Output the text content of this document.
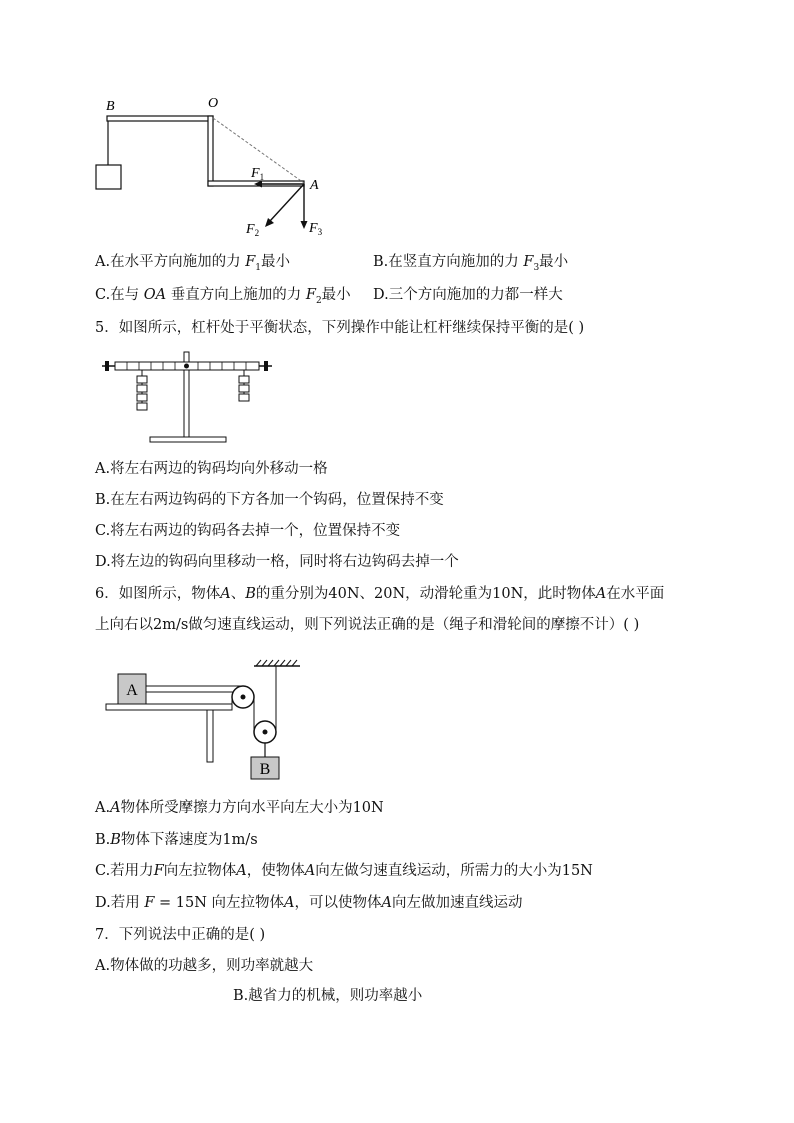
B	O
A
$F_1$
$F_2$	$F_3$
A.在水平方向施加的力 $F_1$最小	B.在竖直方向施加的力 $F_3$最小
C.在与 OA 垂直方向上施加的力 $F_2$最小 D.三个方向施加的力都一样大
5．如图所示，杠杆处于平衡状态，下列操作中能让杠杆继续保持平衡的是( )
A.将左右两边的钩码均向外移动一格
B.在左右两边钩码的下方各加一个钩码，位置保持不变
C.将左右两边的钩码各去掉一个，位置保持不变
D.将左边的钩码向里移动一格，同时将右边钩码去掉一个
6．如图所示，物体A、B的重分别为40N、20N，动滑轮重为10N，此时物体A在水平面
上向右以2m/s做匀速直线运动，则下列说法正确的是（绳子和滑轮间的摩擦不计）( )
A
B
A.A物体所受摩擦力方向水平向左大小为10N
B.B物体下落速度为1m/s
C.若用力F向左拉物体A，使物体A向左做匀速直线运动，所需力的大小为15N
D.若用 F = 15N 向左拉物体A，可以使物体A向左做加速直线运动
7．下列说法中正确的是( )
A.物体做的功越多，则功率就越大
B.越省力的机械，则功率越小
